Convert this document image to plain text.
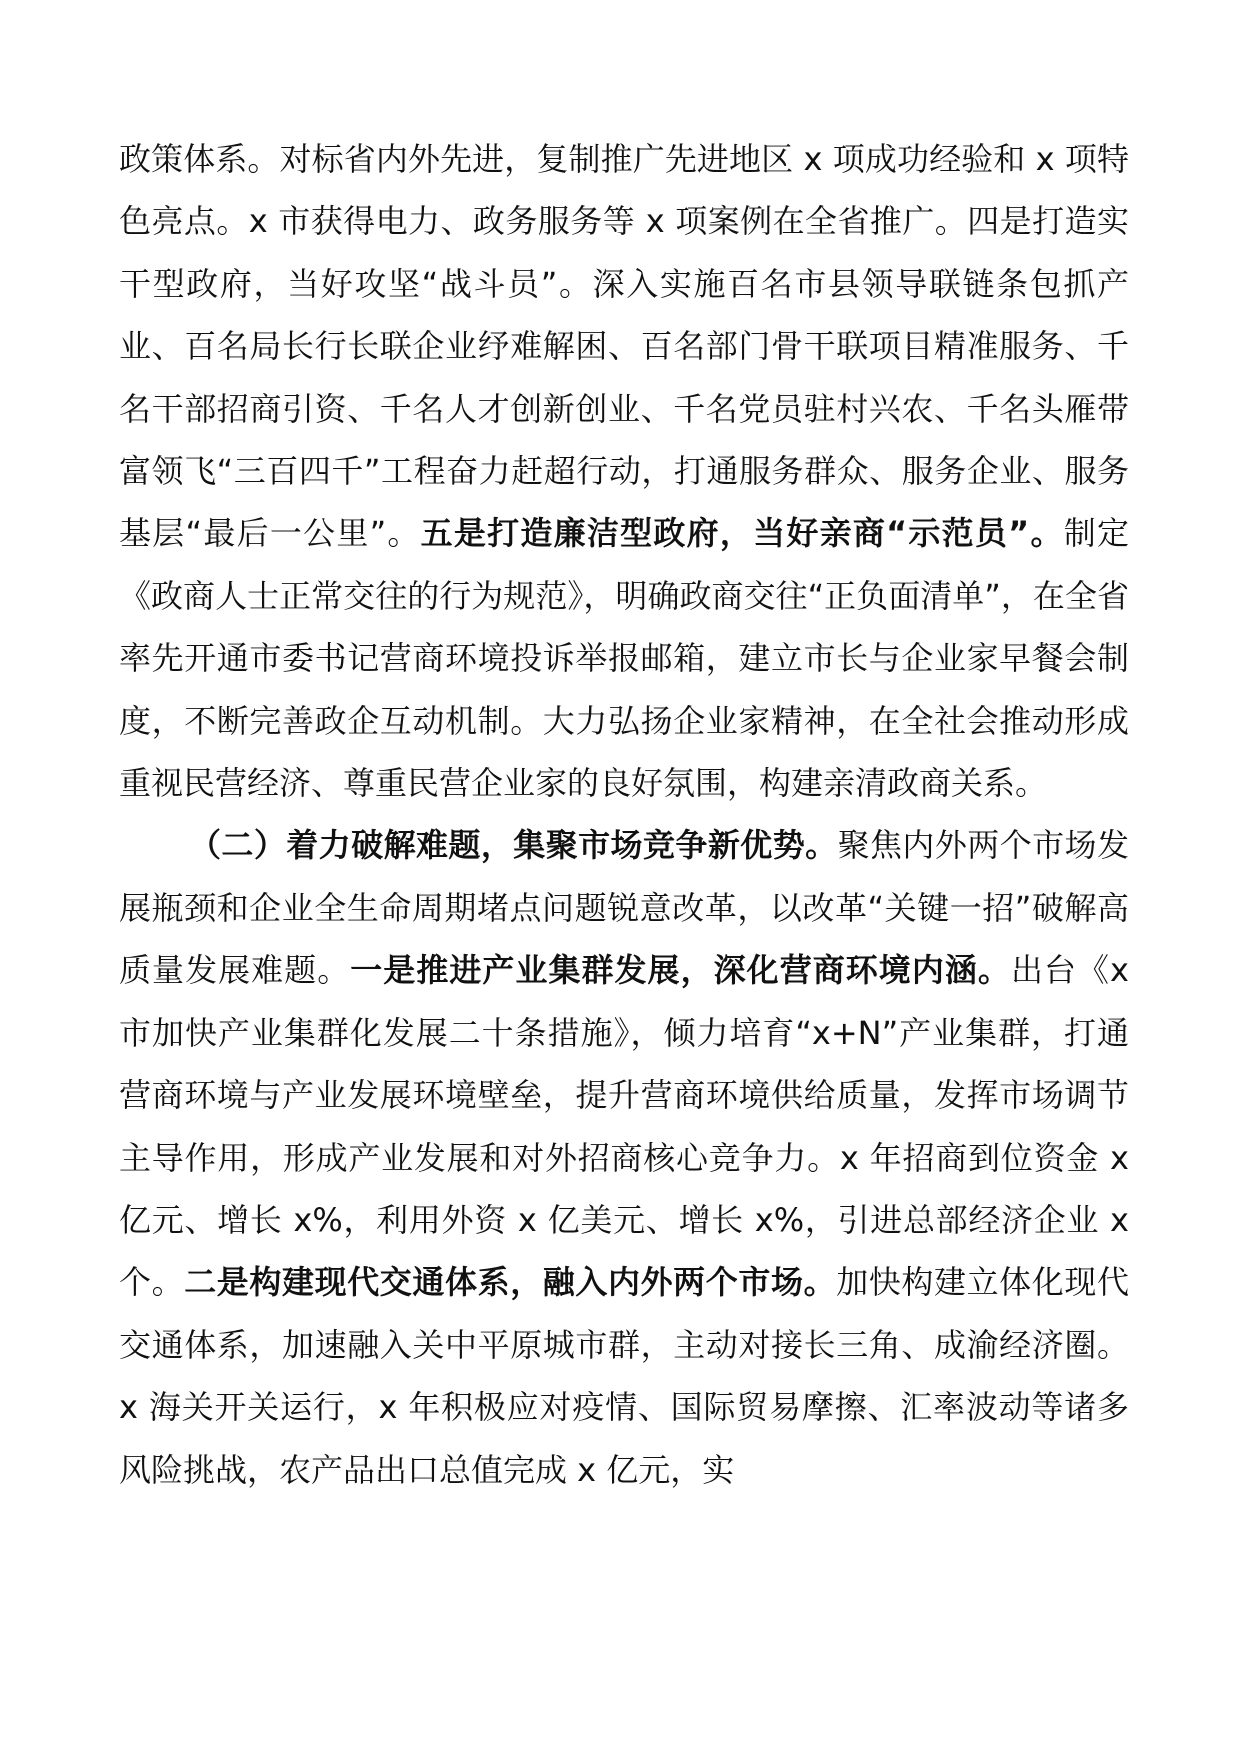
政策体系。对标省内外先进，复制推广先进地区 x 项成功经验和 x 项特色亮点。x 市获得电力、政务服务等 x 项案例在全省推广。四是打造实干型政府，当好攻坚“战斗员”。深入实施百名市县领导联链条包抓产业、百名局长行长联企业纾难解困、百名部门骨干联项目精准服务、千名干部招商引资、千名人才创新创业、千名党员驻村兴农、千名头雁带富领飞“三百四千”工程奋力赶超行动，打通服务群众、服务企业、服务基层“最后一公里”。五是打造廉洁型政府，当好亲商“示范员”。制定《政商人士正常交往的行为规范》，明确政商交往“正负面清单”，在全省率先开通市委书记营商环境投诉举报邮箱，建立市长与企业家早餐会制度，不断完善政企互动机制。大力弘扬企业家精神，在全社会推动形成重视民营经济、尊重民营企业家的良好氛围，构建亲清政商关系。

（二）着力破解难题，集聚市场竞争新优势。聚焦内外两个市场发展瓶颈和企业全生命周期堵点问题锐意改革，以改革“关键一招”破解高质量发展难题。一是推进产业集群发展，深化营商环境内涵。出台《x 市加快产业集群化发展二十条措施》，倾力培育“x+N”产业集群，打通营商环境与产业发展环境壁垒，提升营商环境供给质量，发挥市场调节主导作用，形成产业发展和对外招商核心竞争力。x 年招商到位资金 x 亿元、增长 x%，利用外资 x 亿美元、增长 x%，引进总部经济企业 x 个。二是构建现代交通体系，融入内外两个市场。加快构建立体化现代交通体系，加速融入关中平原城市群，主动对接长三角、成渝经济圈。x 海关开关运行，x 年积极应对疫情、国际贸易摩擦、汇率波动等诸多风险挑战，农产品出口总值完成 x 亿元，实
